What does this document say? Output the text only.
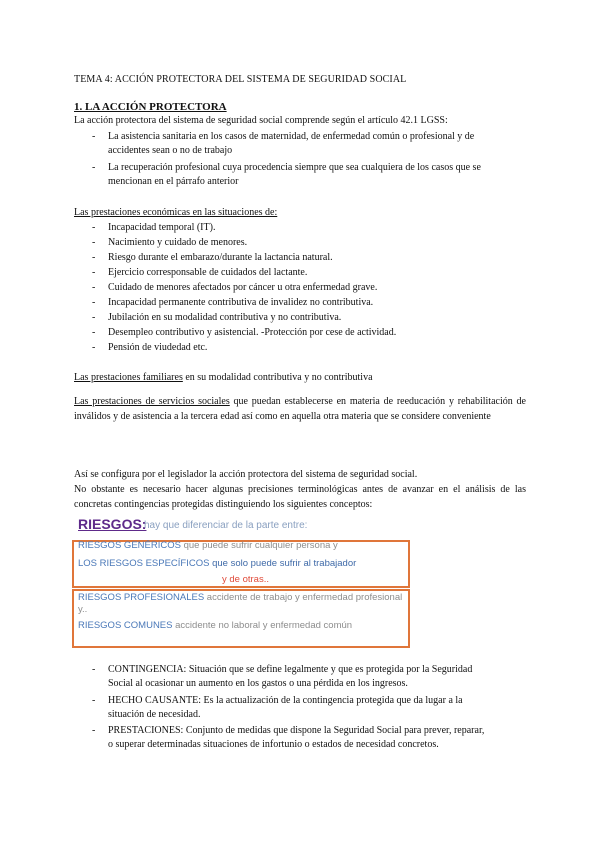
TEMA 4: ACCIÓN PROTECTORA DEL SISTEMA DE SEGURIDAD SOCIAL
1. LA ACCIÓN PROTECTORA
La acción protectora del sistema de seguridad social comprende según el artículo 42.1 LGSS:
- La asistencia sanitaria en los casos de maternidad, de enfermedad común o profesional y de
accidentes sean o no de trabajo
- La recuperación profesional cuya procedencia siempre que sea cualquiera de los casos que se
mencionan en el párrafo anterior
Las prestaciones económicas en las situaciones de:
- Incapacidad temporal (IT).
- Nacimiento y cuidado de menores.
- Riesgo durante el embarazo/durante la lactancia natural.
- Ejercicio corresponsable de cuidados del lactante.
- Cuidado de menores afectados por cáncer u otra enfermedad grave.
- Incapacidad permanente contributiva de invalidez no contributiva.
- Jubilación en su modalidad contributiva y no contributiva.
- Desempleo contributivo y asistencial. -Protección por cese de actividad.
- Pensión de viudedad etc.
Las prestaciones familiares en su modalidad contributiva y no contributiva
Las prestaciones de servicios sociales que puedan establecerse en materia de reeducación y rehabilitación de inválidos y de asistencia a la tercera edad así como en aquella otra materia que se considere conveniente
Así se configura por el legislador la acción protectora del sistema de seguridad social.
No obstante es necesario hacer algunas precisiones terminológicas antes de avanzar en el análisis de las concretas contingencias protegidas distinguiendo los siguientes conceptos:
RIESGOS:
hay que diferenciar de la parte entre:
RIESGOS GENÉRICOS que puede sufrir cualquier persona y
LOS RIESGOS ESPECÍFICOS que solo puede sufrir al trabajador
y de otras..
RIESGOS PROFESIONALES accidente de trabajo y enfermedad profesional
y..
RIESGOS COMUNES accidente no laboral y enfermedad común
- CONTINGENCIA: Situación que se define legalmente y que es protegida por la Seguridad
Social al ocasionar un aumento en los gastos o una pérdida en los ingresos.
- HECHO CAUSANTE: Es la actualización de la contingencia protegida que da lugar a la
situación de necesidad.
- PRESTACIONES: Conjunto de medidas que dispone la Seguridad Social para prever, reparar,
o superar determinadas situaciones de infortunio o estados de necesidad concretos.
